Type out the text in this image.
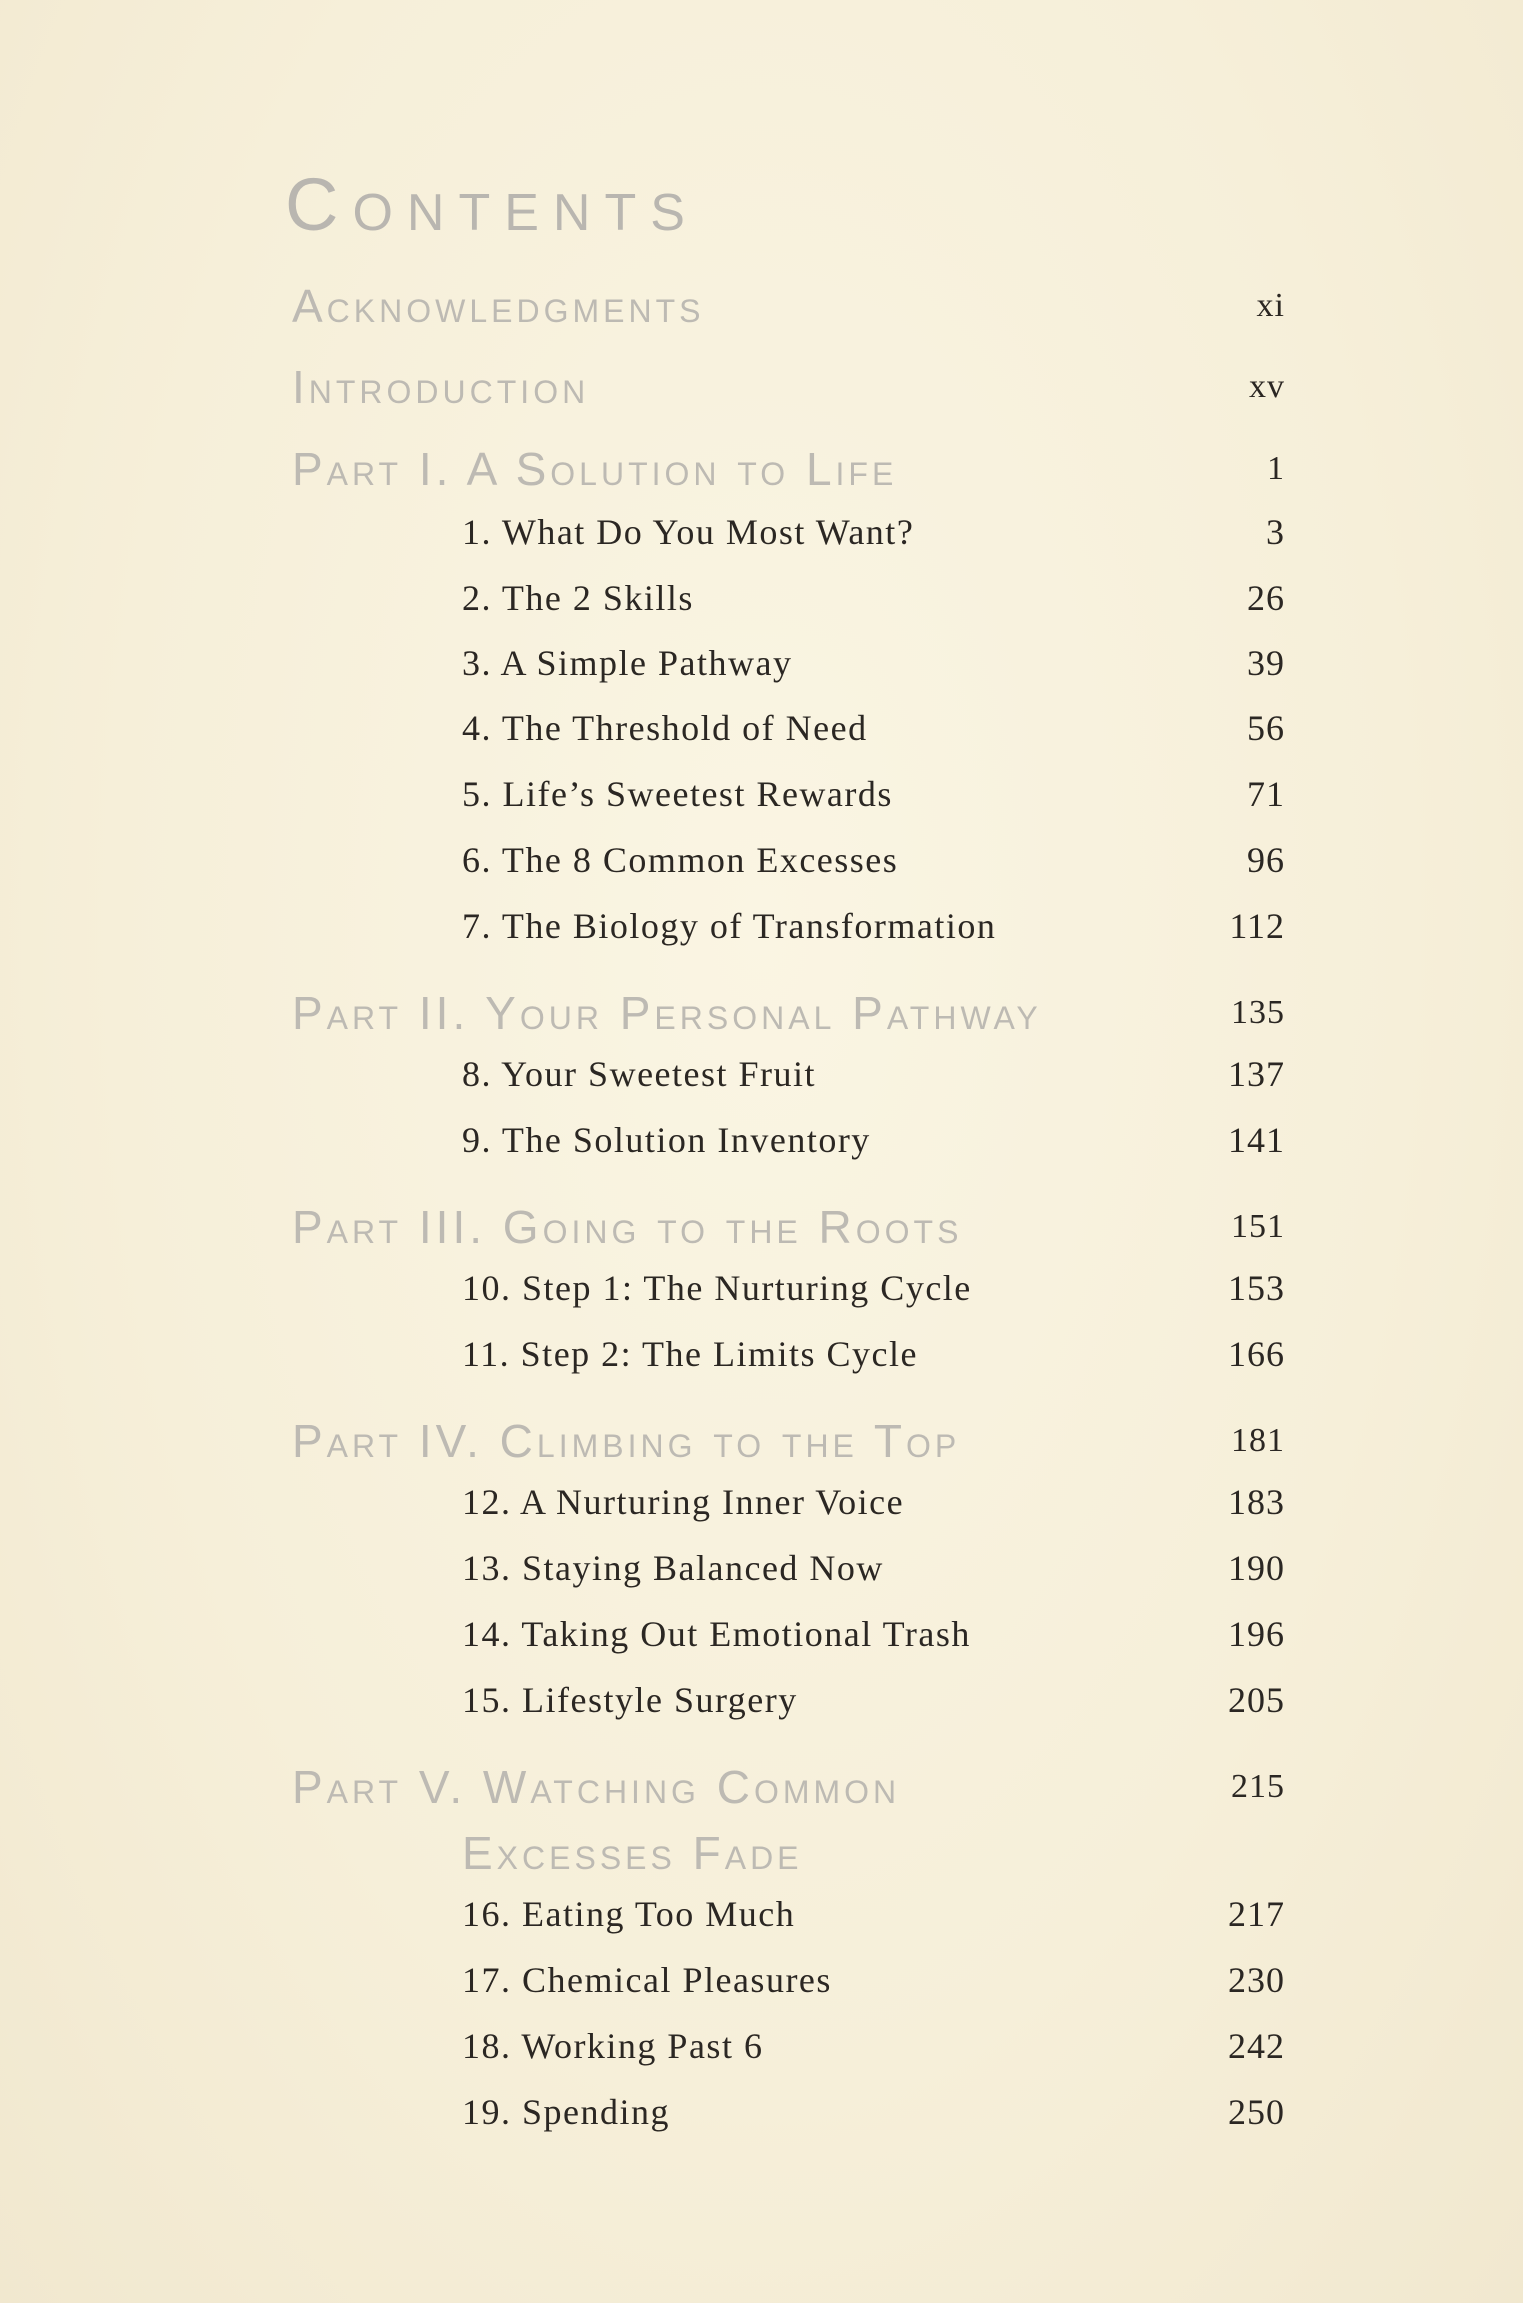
Contents
Acknowledgments	xi
Introduction	xv
Part I. A Solution to Life	1
1. What Do You Most Want?	3
2. The 2 Skills	26
3. A Simple Pathway	39
4. The Threshold of Need	56
5. Life’s Sweetest Rewards	71
6. The 8 Common Excesses	96
7. The Biology of Transformation	112
Part II. Your Personal Pathway	135
8. Your Sweetest Fruit	137
9. The Solution Inventory	141
Part III. Going to the Roots	151
10. Step 1: The Nurturing Cycle	153
11. Step 2: The Limits Cycle	166
Part IV. Climbing to the Top	181
12. A Nurturing Inner Voice	183
13. Staying Balanced Now	190
14. Taking Out Emotional Trash	196
15. Lifestyle Surgery	205
Part V. Watching Common	215
Excesses Fade
16. Eating Too Much	217
17. Chemical Pleasures	230
18. Working Past 6	242
19. Spending	250
